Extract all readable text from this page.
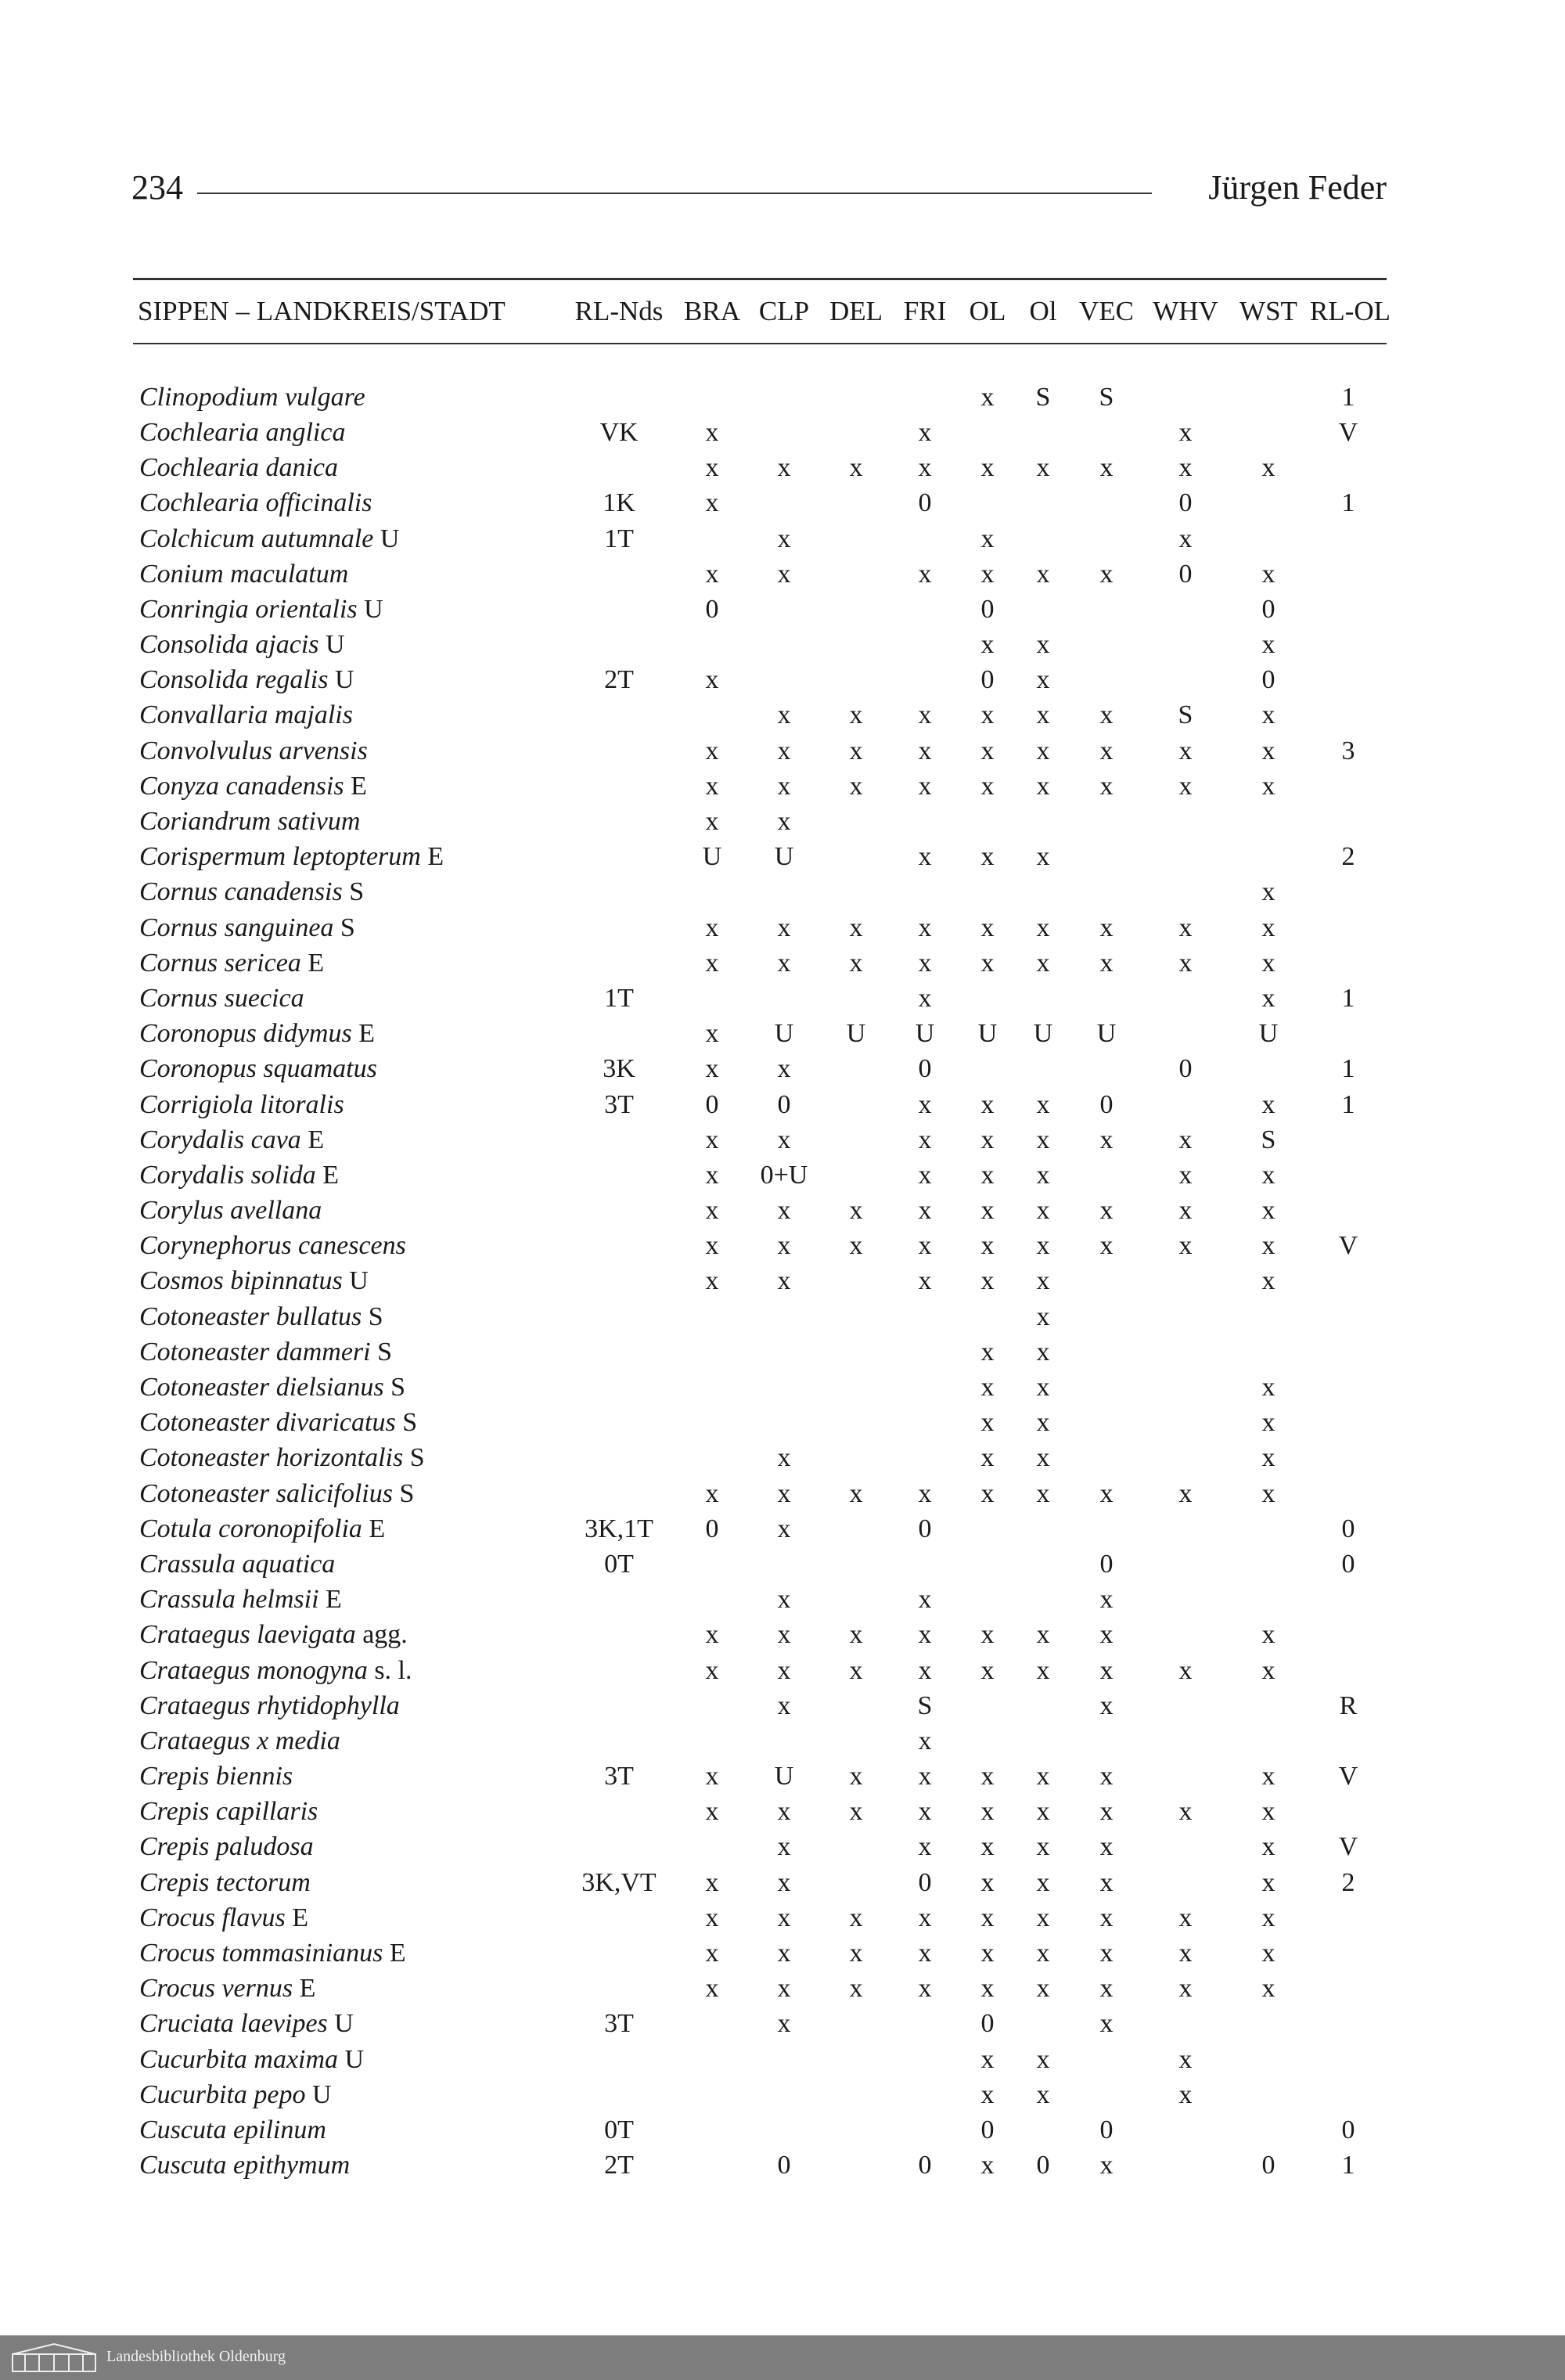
234	Jürgen Feder
SIPPEN – LANDKREIS/STADT	RL-Nds	BRA	CLP	DEL	FRI	OL	Ol	VEC	WHV	WST	RL-OL

Clinopodium vulgare						x	S	S			1
Cochlearia anglica	VK	x			x				x		V
Cochlearia danica		x	x	x	x	x	x	x	x	x	
Cochlearia officinalis	1K	x			0				0		1
Colchicum autumnale U	1T		x			x			x		
Conium maculatum		x	x		x	x	x	x	0	x	
Conringia orientalis U		0				0				0	
Consolida ajacis U						x	x			x	
Consolida regalis U	2T	x				0	x			0	
Convallaria majalis			x	x	x	x	x	x	S	x	
Convolvulus arvensis		x	x	x	x	x	x	x	x	x	3
Conyza canadensis E		x	x	x	x	x	x	x	x	x	
Coriandrum sativum		x	x								
Corispermum leptopterum E		U	U		x	x	x				2
Cornus canadensis S										x	
Cornus sanguinea S		x	x	x	x	x	x	x	x	x	
Cornus sericea E		x	x	x	x	x	x	x	x	x	
Cornus suecica	1T				x					x	1
Coronopus didymus E		x	U	U	U	U	U	U		U	
Coronopus squamatus	3K	x	x		0				0		1
Corrigiola litoralis	3T	0	0		x	x	x	0		x	1
Corydalis cava E		x	x		x	x	x	x	x	S	
Corydalis solida E		x	0+U		x	x	x		x	x	
Corylus avellana		x	x	x	x	x	x	x	x	x	
Corynephorus canescens		x	x	x	x	x	x	x	x	x	V
Cosmos bipinnatus U		x	x		x	x	x			x	
Cotoneaster bullatus S							x				
Cotoneaster dammeri S						x	x				
Cotoneaster dielsianus S						x	x			x	
Cotoneaster divaricatus S						x	x			x	
Cotoneaster horizontalis S			x			x	x			x	
Cotoneaster salicifolius S		x	x	x	x	x	x	x	x	x	
Cotula coronopifolia E	3K,1T	0	x		0						0
Crassula aquatica	0T							0			0
Crassula helmsii E			x		x			x			
Crataegus laevigata agg.		x	x	x	x	x	x	x		x	
Crataegus monogyna s. l.		x	x	x	x	x	x	x	x	x	
Crataegus rhytidophylla			x		S			x			R
Crataegus x media					x						
Crepis biennis	3T	x	U	x	x	x	x	x		x	V
Crepis capillaris		x	x	x	x	x	x	x	x	x	
Crepis paludosa			x		x	x	x	x		x	V
Crepis tectorum	3K,VT	x	x		0	x	x	x		x	2
Crocus flavus E		x	x	x	x	x	x	x	x	x	
Crocus tommasinianus E		x	x	x	x	x	x	x	x	x	
Crocus vernus E		x	x	x	x	x	x	x	x	x	
Cruciata laevipes U	3T		x			0		x			
Cucurbita maxima U						x	x		x		
Cucurbita pepo U						x	x		x		
Cuscuta epilinum	0T					0		0			0
Cuscuta epithymum	2T		0		0	x	0	x		0	1
Landesbibliothek Oldenburg
